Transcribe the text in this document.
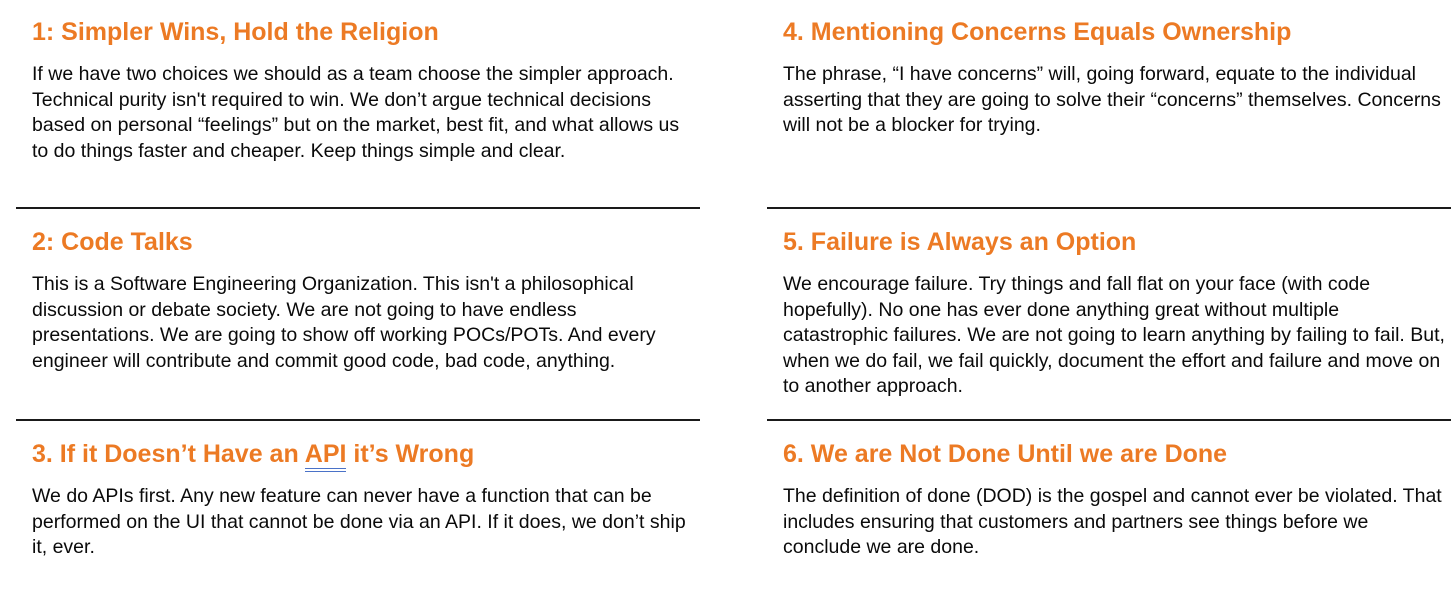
1: Simpler Wins, Hold the Religion

If we have two choices we should as a team choose the simpler approach. Technical purity isn't required to win. We don’t argue technical decisions based on personal “feelings” but on the market, best fit, and what allows us to do things faster and cheaper. Keep things simple and clear.

2: Code Talks

This is a Software Engineering Organization. This isn't a philosophical discussion or debate society. We are not going to have endless presentations. We are going to show off working POCs/POTs. And every engineer will contribute and commit good code, bad code, anything.

3. If it Doesn’t Have an API it’s Wrong

We do APIs first. Any new feature can never have a function that can be performed on the UI that cannot be done via an API. If it does, we don’t ship it, ever.

4. Mentioning Concerns Equals Ownership

The phrase, “I have concerns” will, going forward, equate to the individual asserting that they are going to solve their “concerns” themselves. Concerns will not be a blocker for trying.

5. Failure is Always an Option

We encourage failure. Try things and fall flat on your face (with code hopefully). No one has ever done anything great without multiple catastrophic failures. We are not going to learn anything by failing to fail. But, when we do fail, we fail quickly, document the effort and failure and move on to another approach.

6. We are Not Done Until we are Done

The definition of done (DOD) is the gospel and cannot ever be violated. That includes ensuring that customers and partners see things before we conclude we are done.
